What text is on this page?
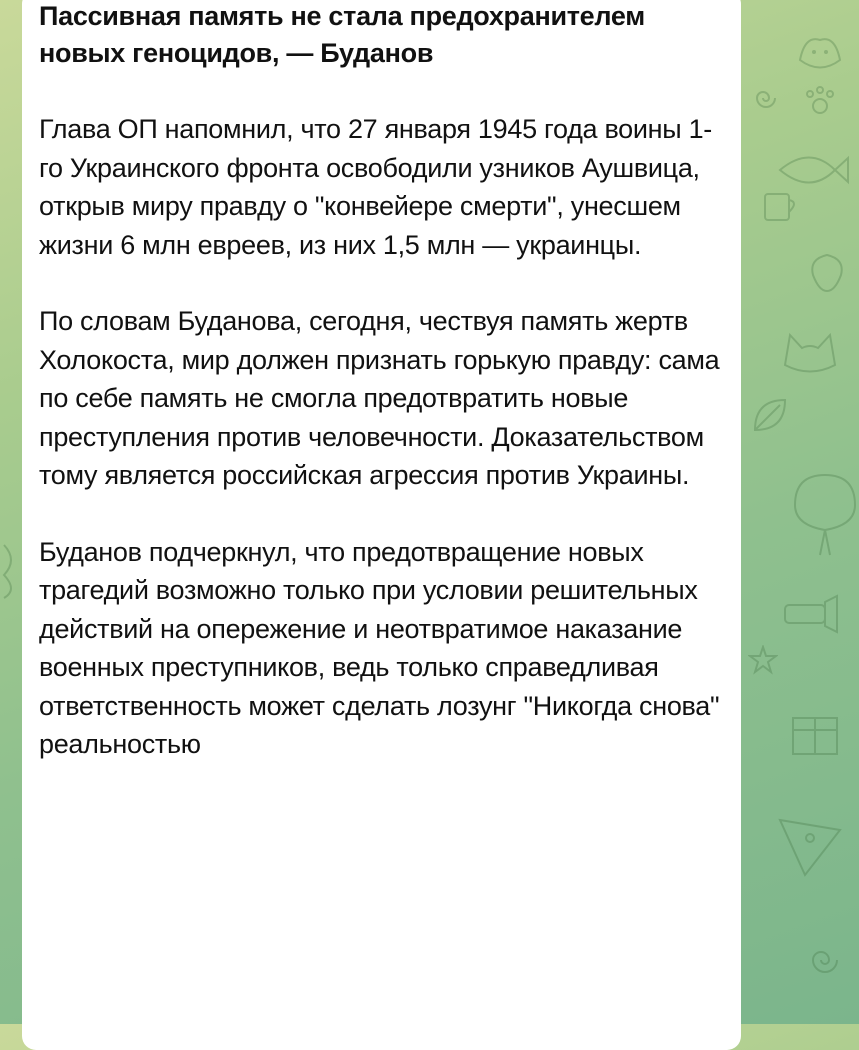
Пассивная память не стала предохранителем новых геноцидов, — Буданов

Глава ОП напомнил, что 27 января 1945 года воины 1-го Украинского фронта освободили узников Аушвица, открыв миру правду о "конвейере смерти", унесшем жизни 6 млн евреев, из них 1,5 млн — украинцы.

По словам Буданова, сегодня, чествуя память жертв Холокоста, мир должен признать горькую правду: сама по себе память не смогла предотвратить новые преступления против человечности. Доказательством тому является российская агрессия против Украины.

Буданов подчеркнул, что предотвращение новых трагедий возможно только при условии решительных действий на опережение и неотвратимое наказание военных преступников, ведь только справедливая ответственность может сделать лозунг "Никогда снова" реальностью
